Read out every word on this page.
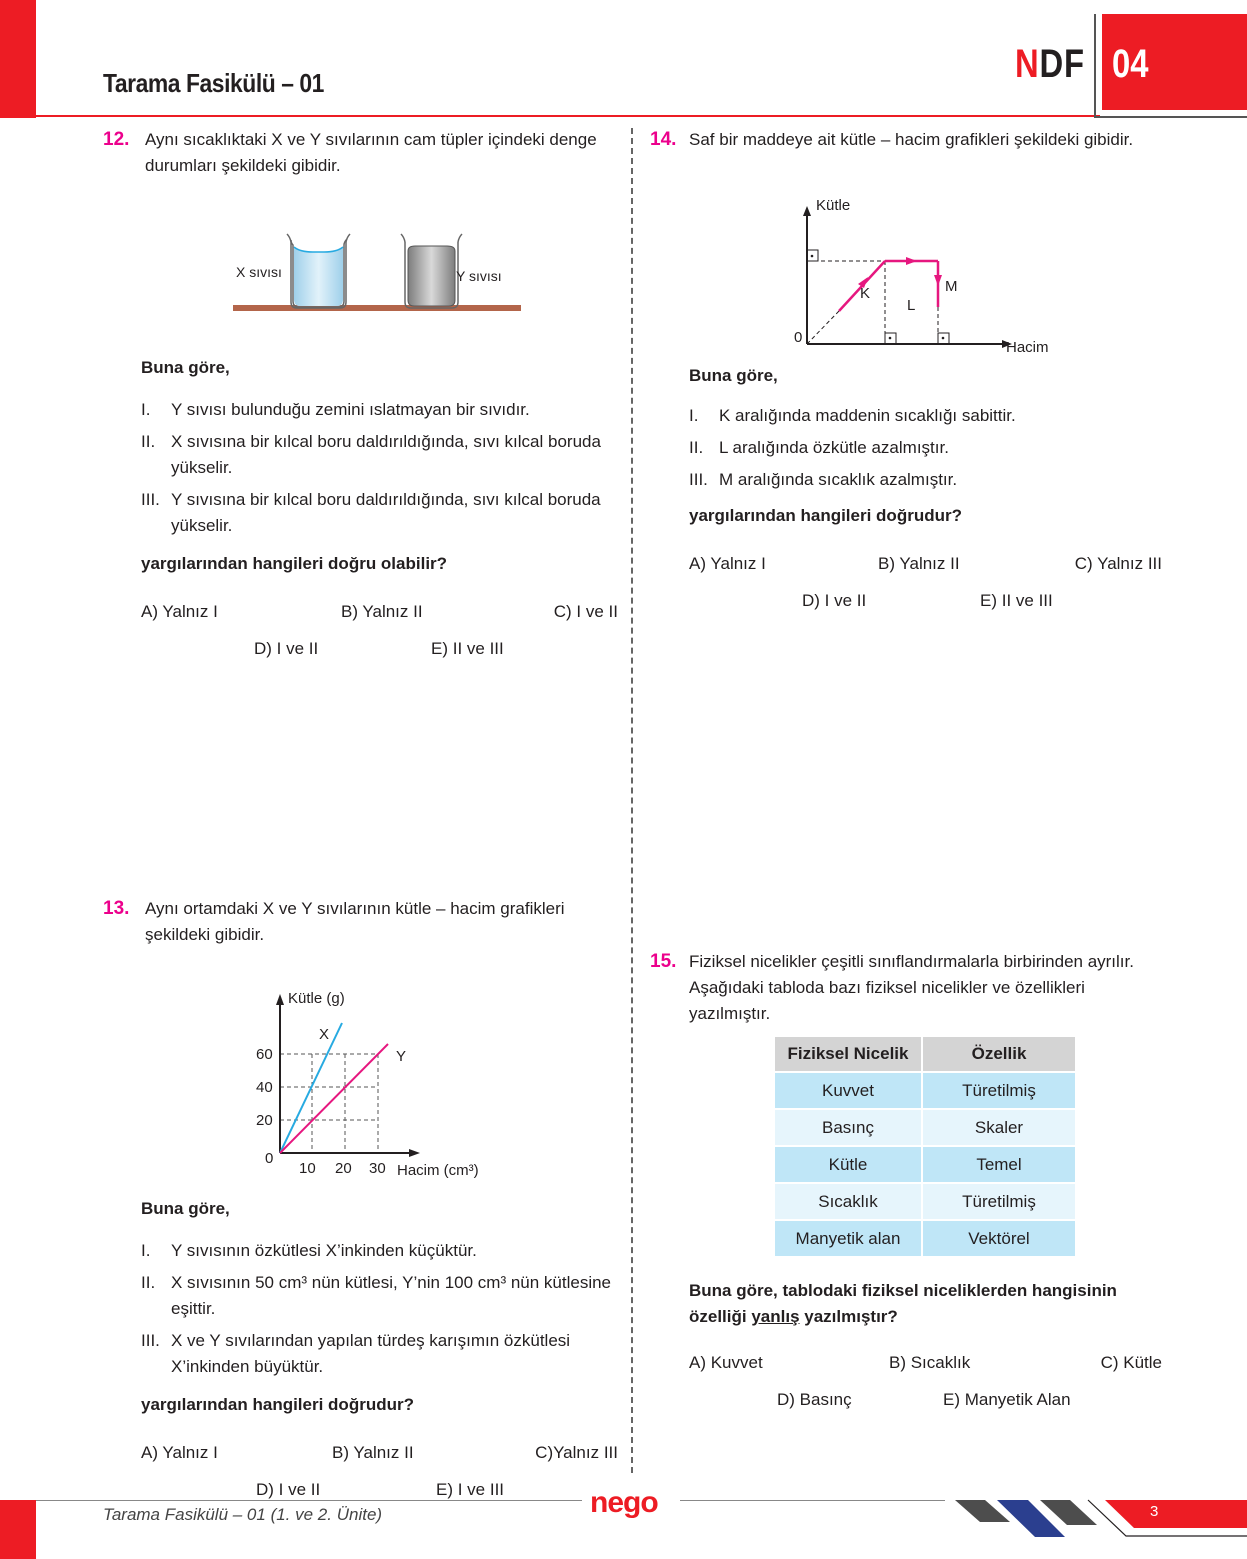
Tarama Fasikülü – 01	NDF 04
12. Aynı sıcaklıktaki X ve Y sıvılarının cam tüpler içindeki denge durumları şekildeki gibidir.
X sıvısı	Y sıvısı
Buna göre,
I.	Y sıvısı bulunduğu zemini ıslatmayan bir sıvıdır.
II. X sıvısına bir kılcal boru daldırıldığında, sıvı kılcal boruda yükselir.
III. Y sıvısına bir kılcal boru daldırıldığında, sıvı kılcal boruda yükselir.
yargılarından hangileri doğru olabilir?
A) Yalnız I	B) Yalnız II	C) I ve II
D) I ve II	E) II ve III
13. Aynı ortamdaki X ve Y sıvılarının kütle – hacim grafikleri şekildeki gibidir.
Kütle (g)
X
Y
60
40
20
0
10 20 30 Hacim (cm³)
Buna göre,
I.	Y sıvısının özkütlesi X’inkinden küçüktür.
II. X sıvısının 50 cm³ nün kütlesi, Y’nin 100 cm³ nün kütlesine eşittir.
III. X ve Y sıvılarından yapılan türdeş karışımın özkütlesi X’inkinden büyüktür.
yargılarından hangileri doğrudur?
A) Yalnız I	B) Yalnız II	C)Yalnız III
D) I ve II	E) I ve III
14. Saf bir maddeye ait kütle – hacim grafikleri şekildeki gibidir.
Kütle
K
L
M
0
Hacim
Buna göre,
I.	K aralığında maddenin sıcaklığı sabittir.
II. L aralığında özkütle azalmıştır.
III. M aralığında sıcaklık azalmıştır.
yargılarından hangileri doğrudur?
A) Yalnız I	B) Yalnız II	C) Yalnız III
D) I ve II	E) II ve III
15. Fiziksel nicelikler çeşitli sınıflandırmalarla birbirinden ayrılır. Aşağıdaki tabloda bazı fiziksel nicelikler ve özellikleri yazılmıştır.
Fiziksel Nicelik	Özellik
Kuvvet	Türetilmiş
Basınç	Skaler
Kütle	Temel
Sıcaklık	Türetilmiş
Manyetik alan	Vektörel
Buna göre, tablodaki fiziksel niceliklerden hangisinin özelliği yanlış yazılmıştır?
A) Kuvvet	B) Sıcaklık	C) Kütle
D) Basınç	E) Manyetik Alan
Tarama Fasikülü – 01 (1. ve 2. Ünite)	nego	3
